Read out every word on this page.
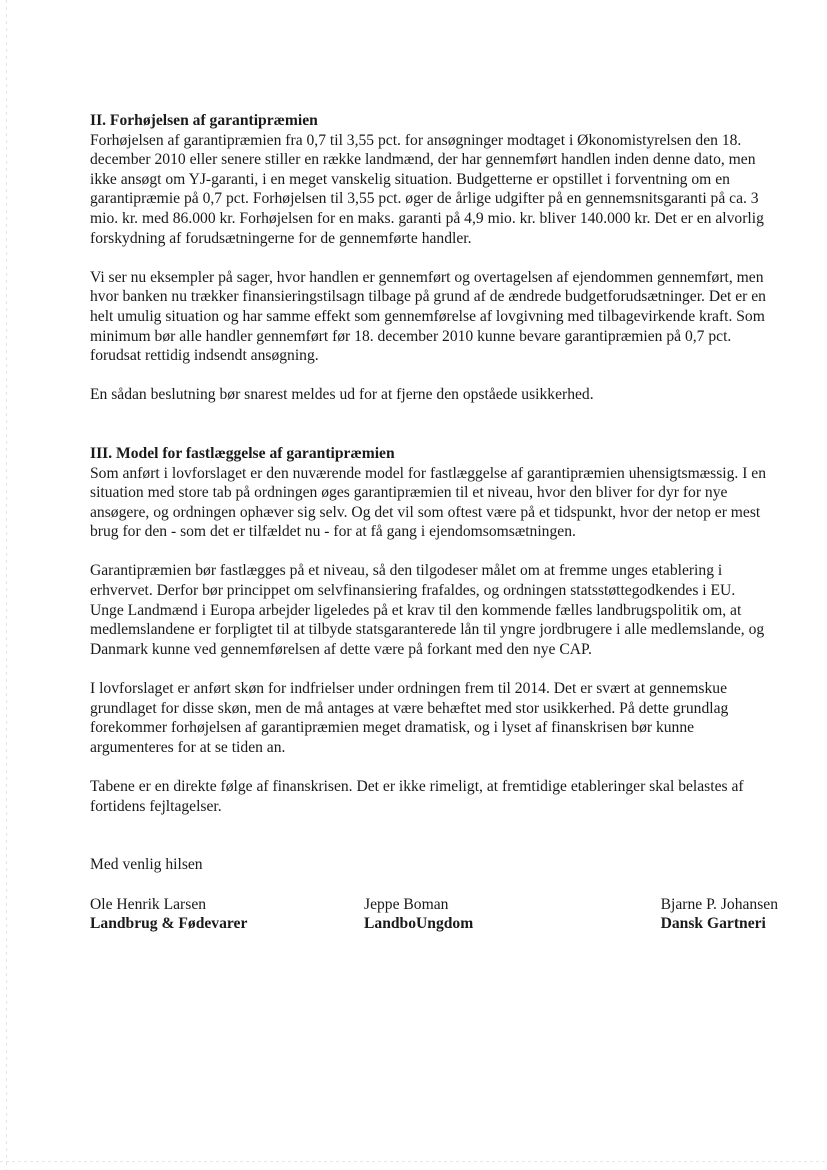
II. Forhøjelsen af garantipræmien

Forhøjelsen af garantipræmien fra 0,7 til 3,55 pct. for ansøgninger modtaget i Økonomistyrelsen den 18. december 2010 eller senere stiller en række landmænd, der har gennemført handlen inden denne dato, men ikke ansøgt om YJ-garanti, i en meget vanskelig situation. Budgetterne er opstillet i forventning om en garantipræmie på 0,7 pct. Forhøjelsen til 3,55 pct. øger de årlige udgifter på en gennemsnitsgaranti på ca. 3 mio. kr. med 86.000 kr. Forhøjelsen for en maks. garanti på 4,9 mio. kr. bliver 140.000 kr. Det er en alvorlig forskydning af forudsætningerne for de gennemførte handler.

Vi ser nu eksempler på sager, hvor handlen er gennemført og overtagelsen af ejendommen gennemført, men hvor banken nu trækker finansieringstilsagn tilbage på grund af de ændrede budgetforudsætninger. Det er en helt umulig situation og har samme effekt som gennemførelse af lovgivning med tilbagevirkende kraft. Som minimum bør alle handler gennemført før 18. december 2010 kunne bevare garantipræmien på 0,7 pct. forudsat rettidig indsendt ansøgning.

En sådan beslutning bør snarest meldes ud for at fjerne den opståede usikkerhed.

III. Model for fastlæggelse af garantipræmien

Som anført i lovforslaget er den nuværende model for fastlæggelse af garantipræmien uhensigtsmæssig. I en situation med store tab på ordningen øges garantipræmien til et niveau, hvor den bliver for dyr for nye ansøgere, og ordningen ophæver sig selv. Og det vil som oftest være på et tidspunkt, hvor der netop er mest brug for den - som det er tilfældet nu - for at få gang i ejendomsomsætningen.

Garantipræmien bør fastlægges på et niveau, så den tilgodeser målet om at fremme unges etablering i erhvervet. Derfor bør princippet om selvfinansiering frafaldes, og ordningen statsstøttegodkendes i EU. Unge Landmænd i Europa arbejder ligeledes på et krav til den kommende fælles landbrugspolitik om, at medlemslandene er forpligtet til at tilbyde statsgaranterede lån til yngre jordbrugere i alle medlemslande, og Danmark kunne ved gennemførelsen af dette være på forkant med den nye CAP.

I lovforslaget er anført skøn for indfrielser under ordningen frem til 2014. Det er svært at gennemskue grundlaget for disse skøn, men de må antages at være behæftet med stor usikkerhed. På dette grundlag forekommer forhøjelsen af garantipræmien meget dramatisk, og i lyset af finanskrisen bør kunne argumenteres for at se tiden an.

Tabene er en direkte følge af finanskrisen. Det er ikke rimeligt, at fremtidige etableringer skal belastes af fortidens fejltagelser.

Med venlig hilsen

Ole Henrik Larsen
Landbrug & Fødevarer
Jeppe Boman
LandboUngdom
Bjarne P. Johansen
Dansk Gartneri
